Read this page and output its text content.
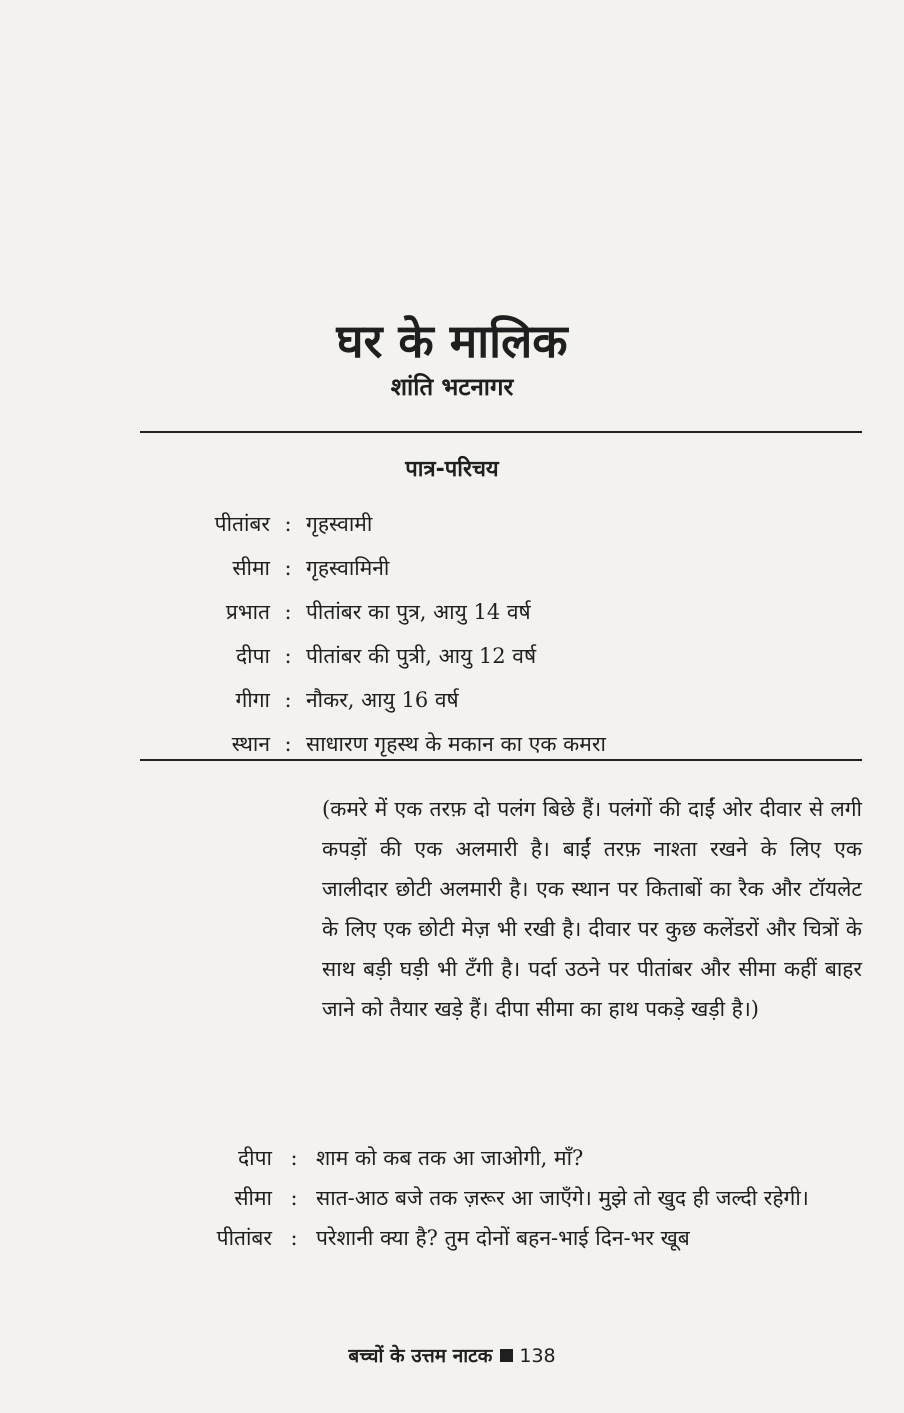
घर के मालिक
शांति भटनागर
पात्र-परिचय
पीतांबर : गृहस्वामी
सीमा : गृहस्वामिनी
प्रभात : पीतांबर का पुत्र, आयु 14 वर्ष
दीपा : पीतांबर की पुत्री, आयु 12 वर्ष
गीगा : नौकर, आयु 16 वर्ष
स्थान : साधारण गृहस्थ के मकान का एक कमरा
(कमरे में एक तरफ़ दो पलंग बिछे हैं। पलंगों की दाईं ओर दीवार से लगी कपड़ों की एक अलमारी है। बाईं तरफ़ नाश्ता रखने के लिए एक जालीदार छोटी अलमारी है। एक स्थान पर किताबों का रैक और टॉयलेट के लिए एक छोटी मेज़ भी रखी है। दीवार पर कुछ कलेंडरों और चित्रों के साथ बड़ी घड़ी भी टँगी है। पर्दा उठने पर पीतांबर और सीमा कहीं बाहर जाने को तैयार खड़े हैं। दीपा सीमा का हाथ पकड़े खड़ी है।)
दीपा : शाम को कब तक आ जाओगी, माँ?
सीमा : सात-आठ बजे तक ज़रूर आ जाएँगे। मुझे तो खुद ही जल्दी रहेगी।
पीतांबर : परेशानी क्या है? तुम दोनों बहन-भाई दिन-भर खूब
बच्चों के उत्तम नाटक 138
